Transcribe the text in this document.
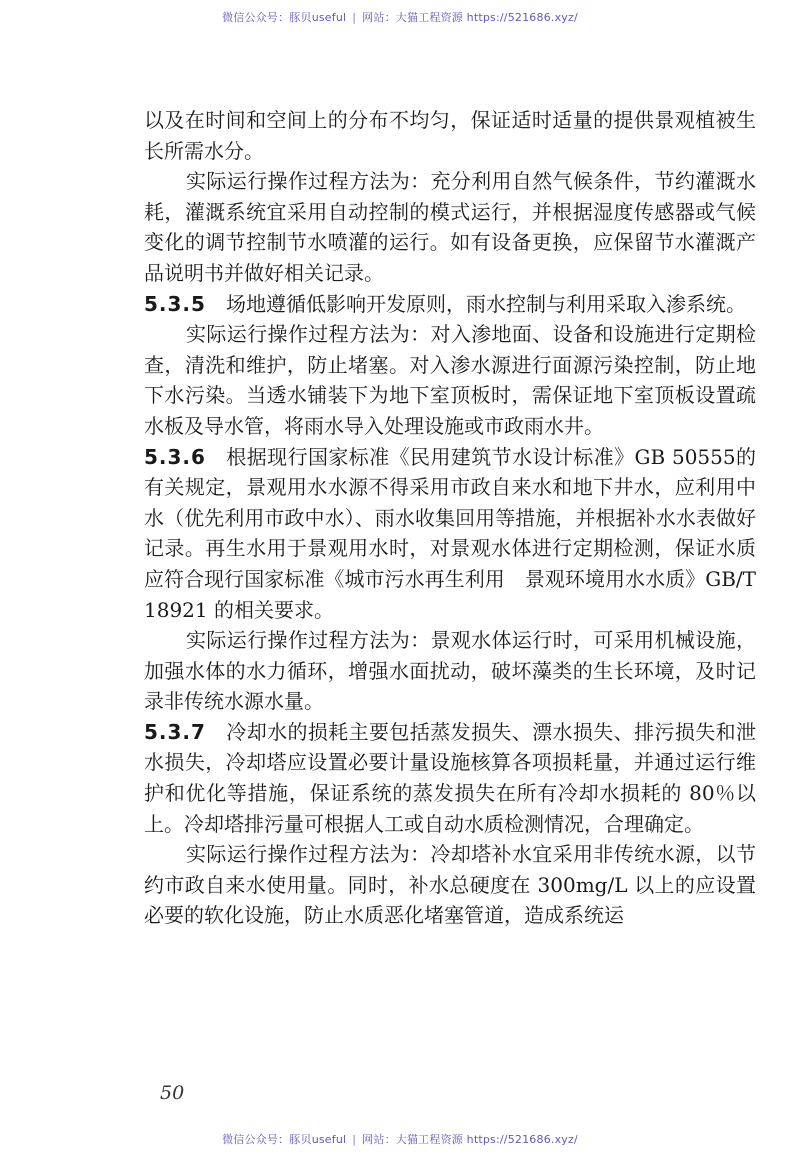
微信公众号：豚贝useful | 网站：大猫工程资源 https://521686.xyz/

以及在时间和空间上的分布不均匀，保证适时适量的提供景观植被生长所需水分。

实际运行操作过程方法为：充分利用自然气候条件，节约灌溉水耗，灌溉系统宜采用自动控制的模式运行，并根据湿度传感器或气候变化的调节控制节水喷灌的运行。如有设备更换，应保留节水灌溉产品说明书并做好相关记录。

5.3.5 场地遵循低影响开发原则，雨水控制与利用采取入渗系统。

实际运行操作过程方法为：对入渗地面、设备和设施进行定期检查，清洗和维护，防止堵塞。对入渗水源进行面源污染控制，防止地下水污染。当透水铺装下为地下室顶板时，需保证地下室顶板设置疏水板及导水管，将雨水导入处理设施或市政雨水井。

5.3.6 根据现行国家标准《民用建筑节水设计标准》GB 50555的有关规定，景观用水水源不得采用市政自来水和地下井水，应利用中水（优先利用市政中水）、雨水收集回用等措施，并根据补水水表做好记录。再生水用于景观用水时，对景观水体进行定期检测，保证水质应符合现行国家标准《城市污水再生利用　景观环境用水水质》GB/T 18921 的相关要求。

实际运行操作过程方法为：景观水体运行时，可采用机械设施，加强水体的水力循环，增强水面扰动，破坏藻类的生长环境，及时记录非传统水源水量。

5.3.7 冷却水的损耗主要包括蒸发损失、漂水损失、排污损失和泄水损失，冷却塔应设置必要计量设施核算各项损耗量，并通过运行维护和优化等措施，保证系统的蒸发损失在所有冷却水损耗的 80％以上。冷却塔排污量可根据人工或自动水质检测情况，合理确定。

实际运行操作过程方法为：冷却塔补水宜采用非传统水源，以节约市政自来水使用量。同时，补水总硬度在 300mg/L 以上的应设置必要的软化设施，防止水质恶化堵塞管道，造成系统运

50
微信公众号：豚贝useful | 网站：大猫工程资源 https://521686.xyz/
